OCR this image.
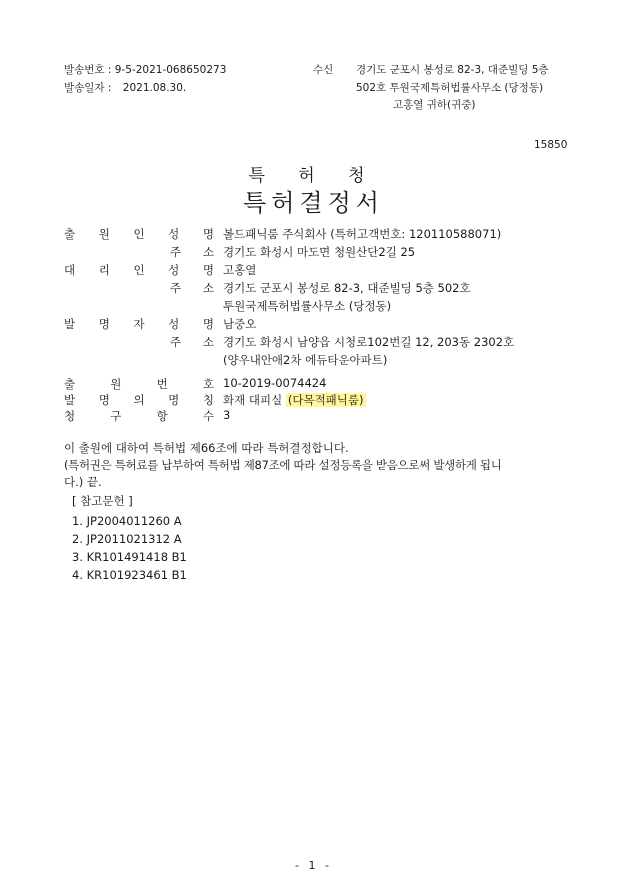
발송번호 : 9-5-2021-068650273
발송일자 : 2021.08.30.
수신 경기도 군포시 봉성로 82-3, 대준빌딩 5층
502호 투원국제특허법률사무소 (당정동)
고홍열 귀하(귀중)
15850
특 허 청
특허결정서
출 원 인 성 명 볼드패닉룸 주식회사 (특허고객번호: 120110588071)
주 소 경기도 화성시 마도면 청원산단2길 25
대 리 인 성 명 고홍열
주 소 경기도 군포시 봉성로 82-3, 대준빌딩 5층 502호
투원국제특허법률사무소 (당정동)
발 명 자 성 명 남중오
주 소 경기도 화성시 남양읍 시청로102번길 12, 203동 2302호
(양우내안애2차 에듀타운아파트)
출	원	번	호 10-2019-0074424
발 명 의 명 칭 화재 대피실 (다목적패닉룸)
청	구	항	수 3
이 출원에 대하여 특허법 제66조에 따라 특허결정합니다.
(특허권은 특허료를 납부하여 특허법 제87조에 따라 설정등록을 받음으로써 발생하게 됩니
다.) 끝.
[ 참고문헌 ]
1. JP2004011260 A
2. JP2011021312 A
3. KR101491418 B1
4. KR101923461 B1
- 1 -
